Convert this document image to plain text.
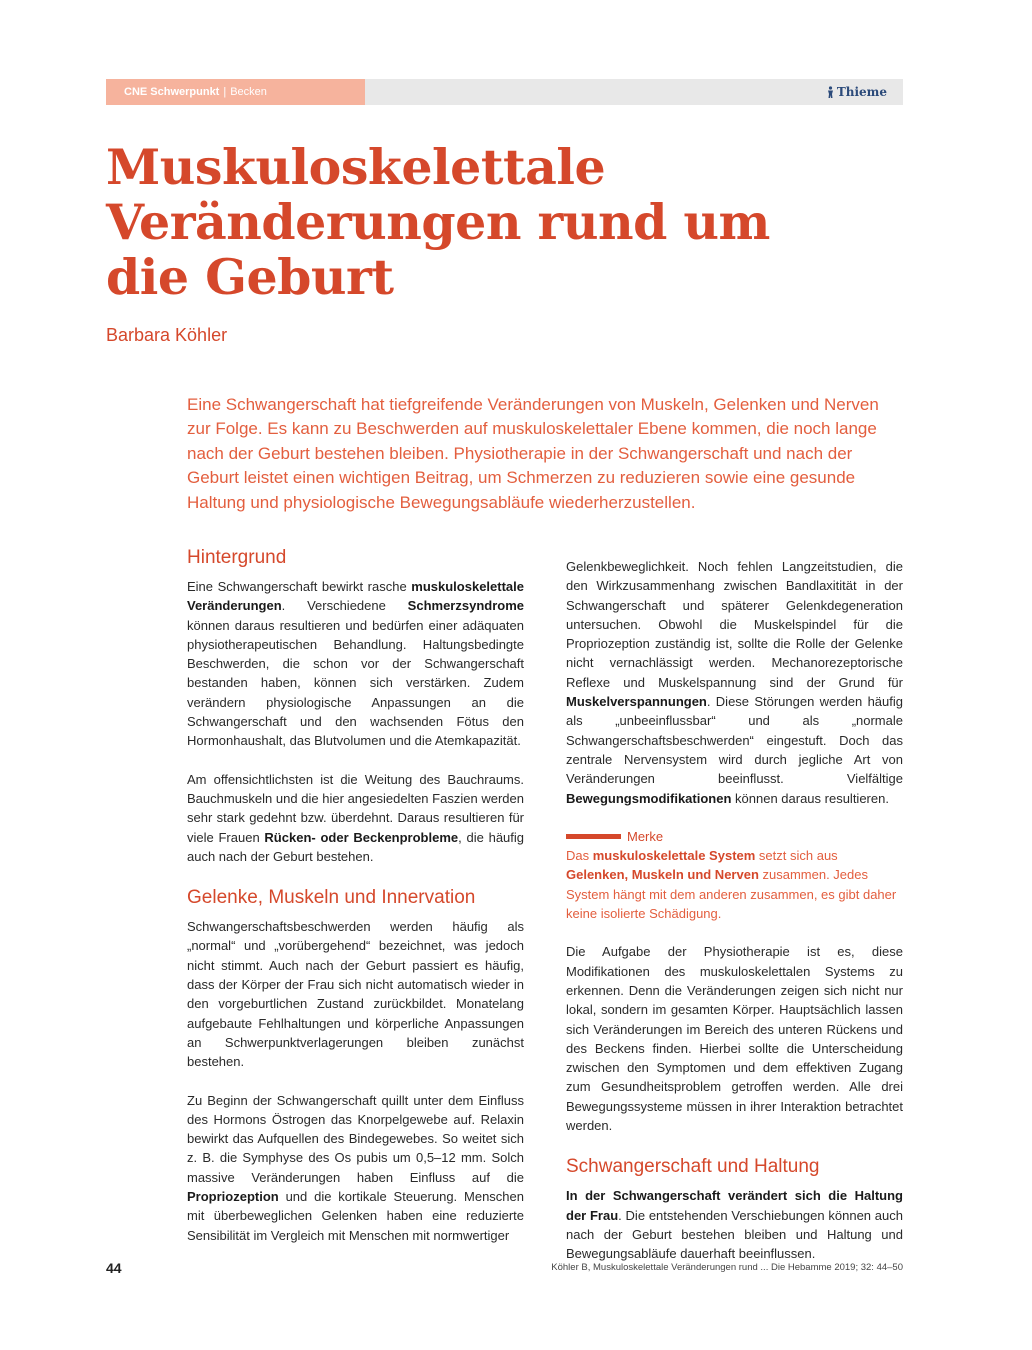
CNE Schwerpunkt | Becken	Thieme
Muskuloskelettale Veränderungen rund um die Geburt
Barbara Köhler

Eine Schwangerschaft hat tiefgreifende Veränderungen von Muskeln, Gelenken und Nerven zur Folge. Es kann zu Beschwerden auf muskuloskelettaler Ebene kommen, die noch lange nach der Geburt bestehen bleiben. Physiotherapie in der Schwangerschaft und nach der Geburt leistet einen wichtigen Beitrag, um Schmerzen zu reduzieren sowie eine gesunde Haltung und physiologische Bewegungsabläufe wiederherzustellen.

Hintergrund

Eine Schwangerschaft bewirkt rasche muskuloskelettale Veränderungen. Verschiedene Schmerzsyndrome können daraus resultieren und bedürfen einer adäquaten physiotherapeutischen Behandlung. Haltungsbedingte Beschwerden, die schon vor der Schwangerschaft bestanden haben, können sich verstärken. Zudem verändern physiologische Anpassungen an die Schwangerschaft und den wachsenden Fötus den Hormonhaushalt, das Blutvolumen und die Atemkapazität.

Am offensichtlichsten ist die Weitung des Bauchraums. Bauchmuskeln und die hier angesiedelten Faszien werden sehr stark gedehnt bzw. überdehnt. Daraus resultieren für viele Frauen Rücken- oder Beckenprobleme, die häufig auch nach der Geburt bestehen.

Gelenke, Muskeln und Innervation

Schwangerschaftsbeschwerden werden häufig als „normal“ und „vorübergehend“ bezeichnet, was jedoch nicht stimmt. Auch nach der Geburt passiert es häufig, dass der Körper der Frau sich nicht automatisch wieder in den vorgeburtlichen Zustand zurückbildet. Monatelang aufgebaute Fehlhaltungen und körperliche Anpassungen an Schwerpunktverlagerungen bleiben zunächst bestehen.

Zu Beginn der Schwangerschaft quillt unter dem Einfluss des Hormons Östrogen das Knorpelgewebe auf. Relaxin bewirkt das Aufquellen des Bindegewebes. So weitet sich z. B. die Symphyse des Os pubis um 0,5–12 mm. Solch massive Veränderungen haben Einfluss auf die Propriozeption und die kortikale Steuerung. Menschen mit überbeweglichen Gelenken haben eine reduzierte Sensibilität im Vergleich mit Menschen mit normwertiger

Gelenkbeweglichkeit. Noch fehlen Langzeitstudien, die den Wirkzusammenhang zwischen Bandlaxitität in der Schwangerschaft und späterer Gelenkdegeneration untersuchen. Obwohl die Muskelspindel für die Propriozeption zuständig ist, sollte die Rolle der Gelenke nicht vernachlässigt werden. Mechanorezeptorische Reflexe und Muskelspannung sind der Grund für Muskelverspannungen. Diese Störungen werden häufig als „unbeeinflussbar“ und als „normale Schwangerschaftsbeschwerden“ eingestuft. Doch das zentrale Nervensystem wird durch jegliche Art von Veränderungen beeinflusst. Vielfältige Bewegungsmodifikationen können daraus resultieren.

Merke
Das muskuloskelettale System setzt sich aus Gelenken, Muskeln und Nerven zusammen. Jedes System hängt mit dem anderen zusammen, es gibt daher keine isolierte Schädigung.

Die Aufgabe der Physiotherapie ist es, diese Modifikationen des muskuloskelettalen Systems zu erkennen. Denn die Veränderungen zeigen sich nicht nur lokal, sondern im gesamten Körper. Hauptsächlich lassen sich Veränderungen im Bereich des unteren Rückens und des Beckens finden. Hierbei sollte die Unterscheidung zwischen den Symptomen und dem effektiven Zugang zum Gesundheitsproblem getroffen werden. Alle drei Bewegungssysteme müssen in ihrer Interaktion betrachtet werden.

Schwangerschaft und Haltung

In der Schwangerschaft verändert sich die Haltung der Frau. Die entstehenden Verschiebungen können auch nach der Geburt bestehen bleiben und Haltung und Bewegungsabläufe dauerhaft beeinflussen.

44	Köhler B, Muskuloskelettale Veränderungen rund ... Die Hebamme 2019; 32: 44–50
